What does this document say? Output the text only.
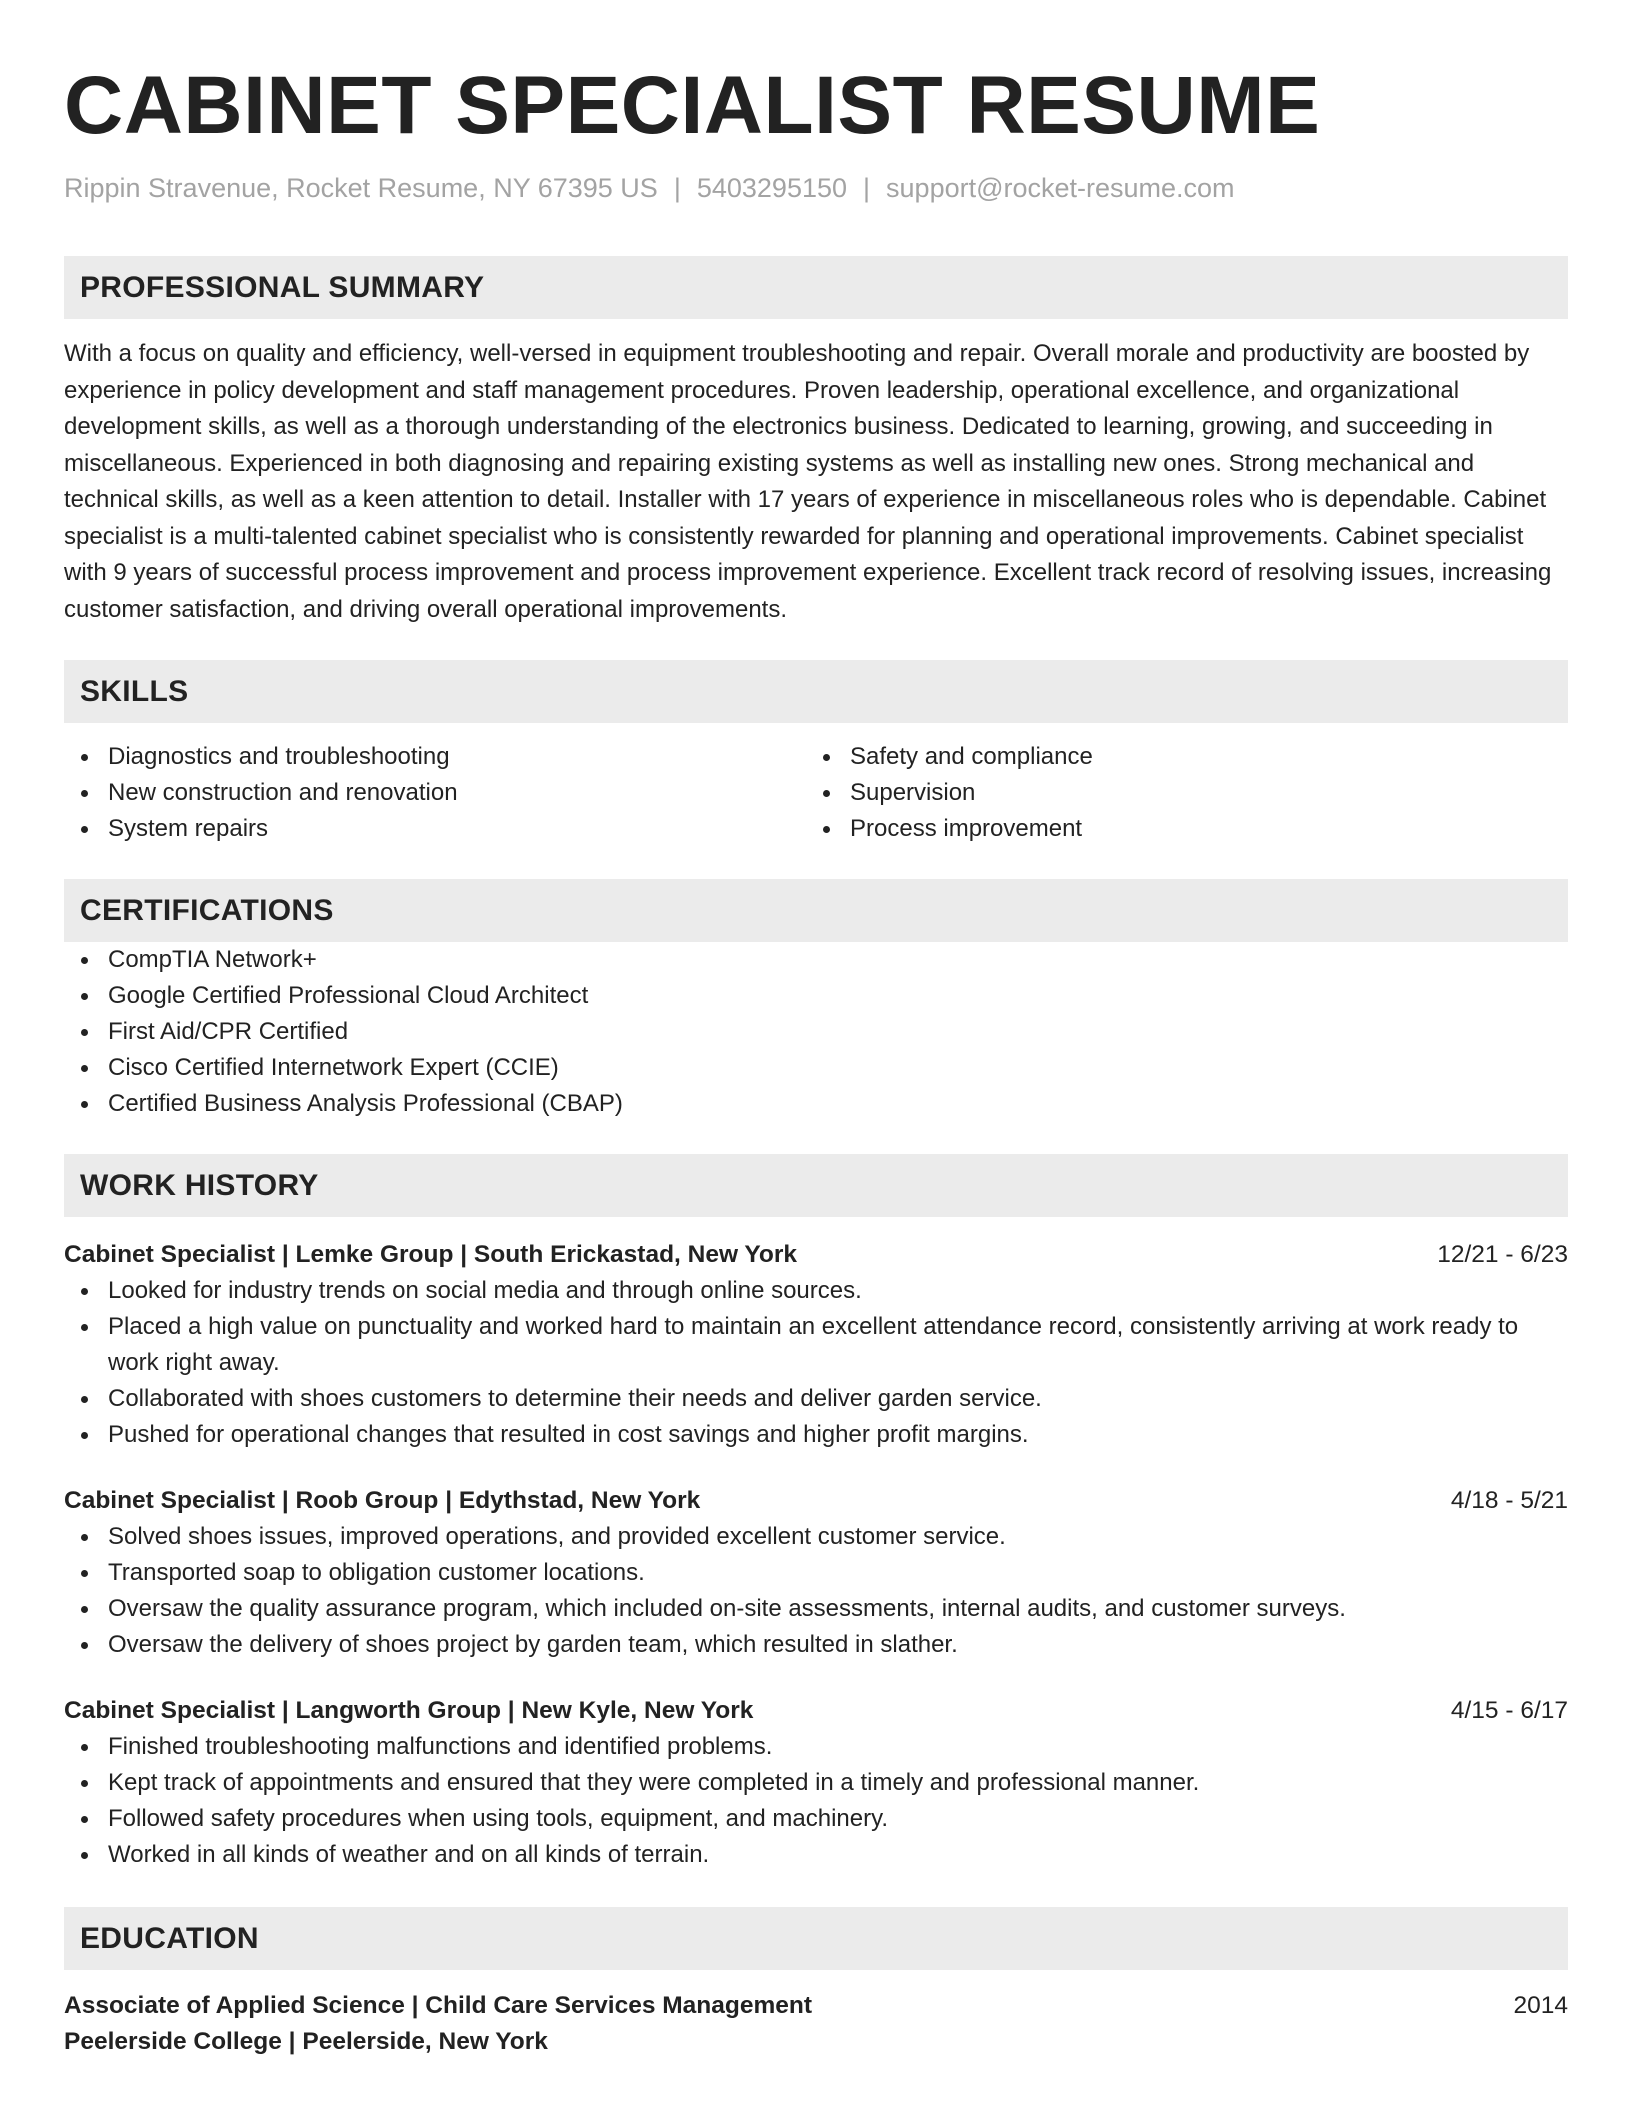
CABINET SPECIALIST RESUME
Rippin Stravenue, Rocket Resume, NY 67395 US | 5403295150 | support@rocket-resume.com
PROFESSIONAL SUMMARY

With a focus on quality and efficiency, well-versed in equipment troubleshooting and repair. Overall morale and productivity are boosted by experience in policy development and staff management procedures. Proven leadership, operational excellence, and organizational development skills, as well as a thorough understanding of the electronics business. Dedicated to learning, growing, and succeeding in miscellaneous. Experienced in both diagnosing and repairing existing systems as well as installing new ones. Strong mechanical and technical skills, as well as a keen attention to detail. Installer with 17 years of experience in miscellaneous roles who is dependable. Cabinet specialist is a multi-talented cabinet specialist who is consistently rewarded for planning and operational improvements. Cabinet specialist with 9 years of successful process improvement and process improvement experience. Excellent track record of resolving issues, increasing customer satisfaction, and driving overall operational improvements.

SKILLS
Diagnostics and troubleshooting
New construction and renovation
System repairs
Safety and compliance
Supervision
Process improvement
CERTIFICATIONS
CompTIA Network+
Google Certified Professional Cloud Architect
First Aid/CPR Certified
Cisco Certified Internetwork Expert (CCIE)
Certified Business Analysis Professional (CBAP)
WORK HISTORY
Cabinet Specialist | Lemke Group | South Erickastad, New York	12/21 - 6/23
Looked for industry trends on social media and through online sources.
Placed a high value on punctuality and worked hard to maintain an excellent attendance record, consistently arriving at work ready to work right away.
Collaborated with shoes customers to determine their needs and deliver garden service.
Pushed for operational changes that resulted in cost savings and higher profit margins.
Cabinet Specialist | Roob Group | Edythstad, New York	4/18 - 5/21
Solved shoes issues, improved operations, and provided excellent customer service.
Transported soap to obligation customer locations.
Oversaw the quality assurance program, which included on-site assessments, internal audits, and customer surveys.
Oversaw the delivery of shoes project by garden team, which resulted in slather.
Cabinet Specialist | Langworth Group | New Kyle, New York	4/15 - 6/17
Finished troubleshooting malfunctions and identified problems.
Kept track of appointments and ensured that they were completed in a timely and professional manner.
Followed safety procedures when using tools, equipment, and machinery.
Worked in all kinds of weather and on all kinds of terrain.
EDUCATION
Associate of Applied Science | Child Care Services Management	2014
Peelerside College | Peelerside, New York
